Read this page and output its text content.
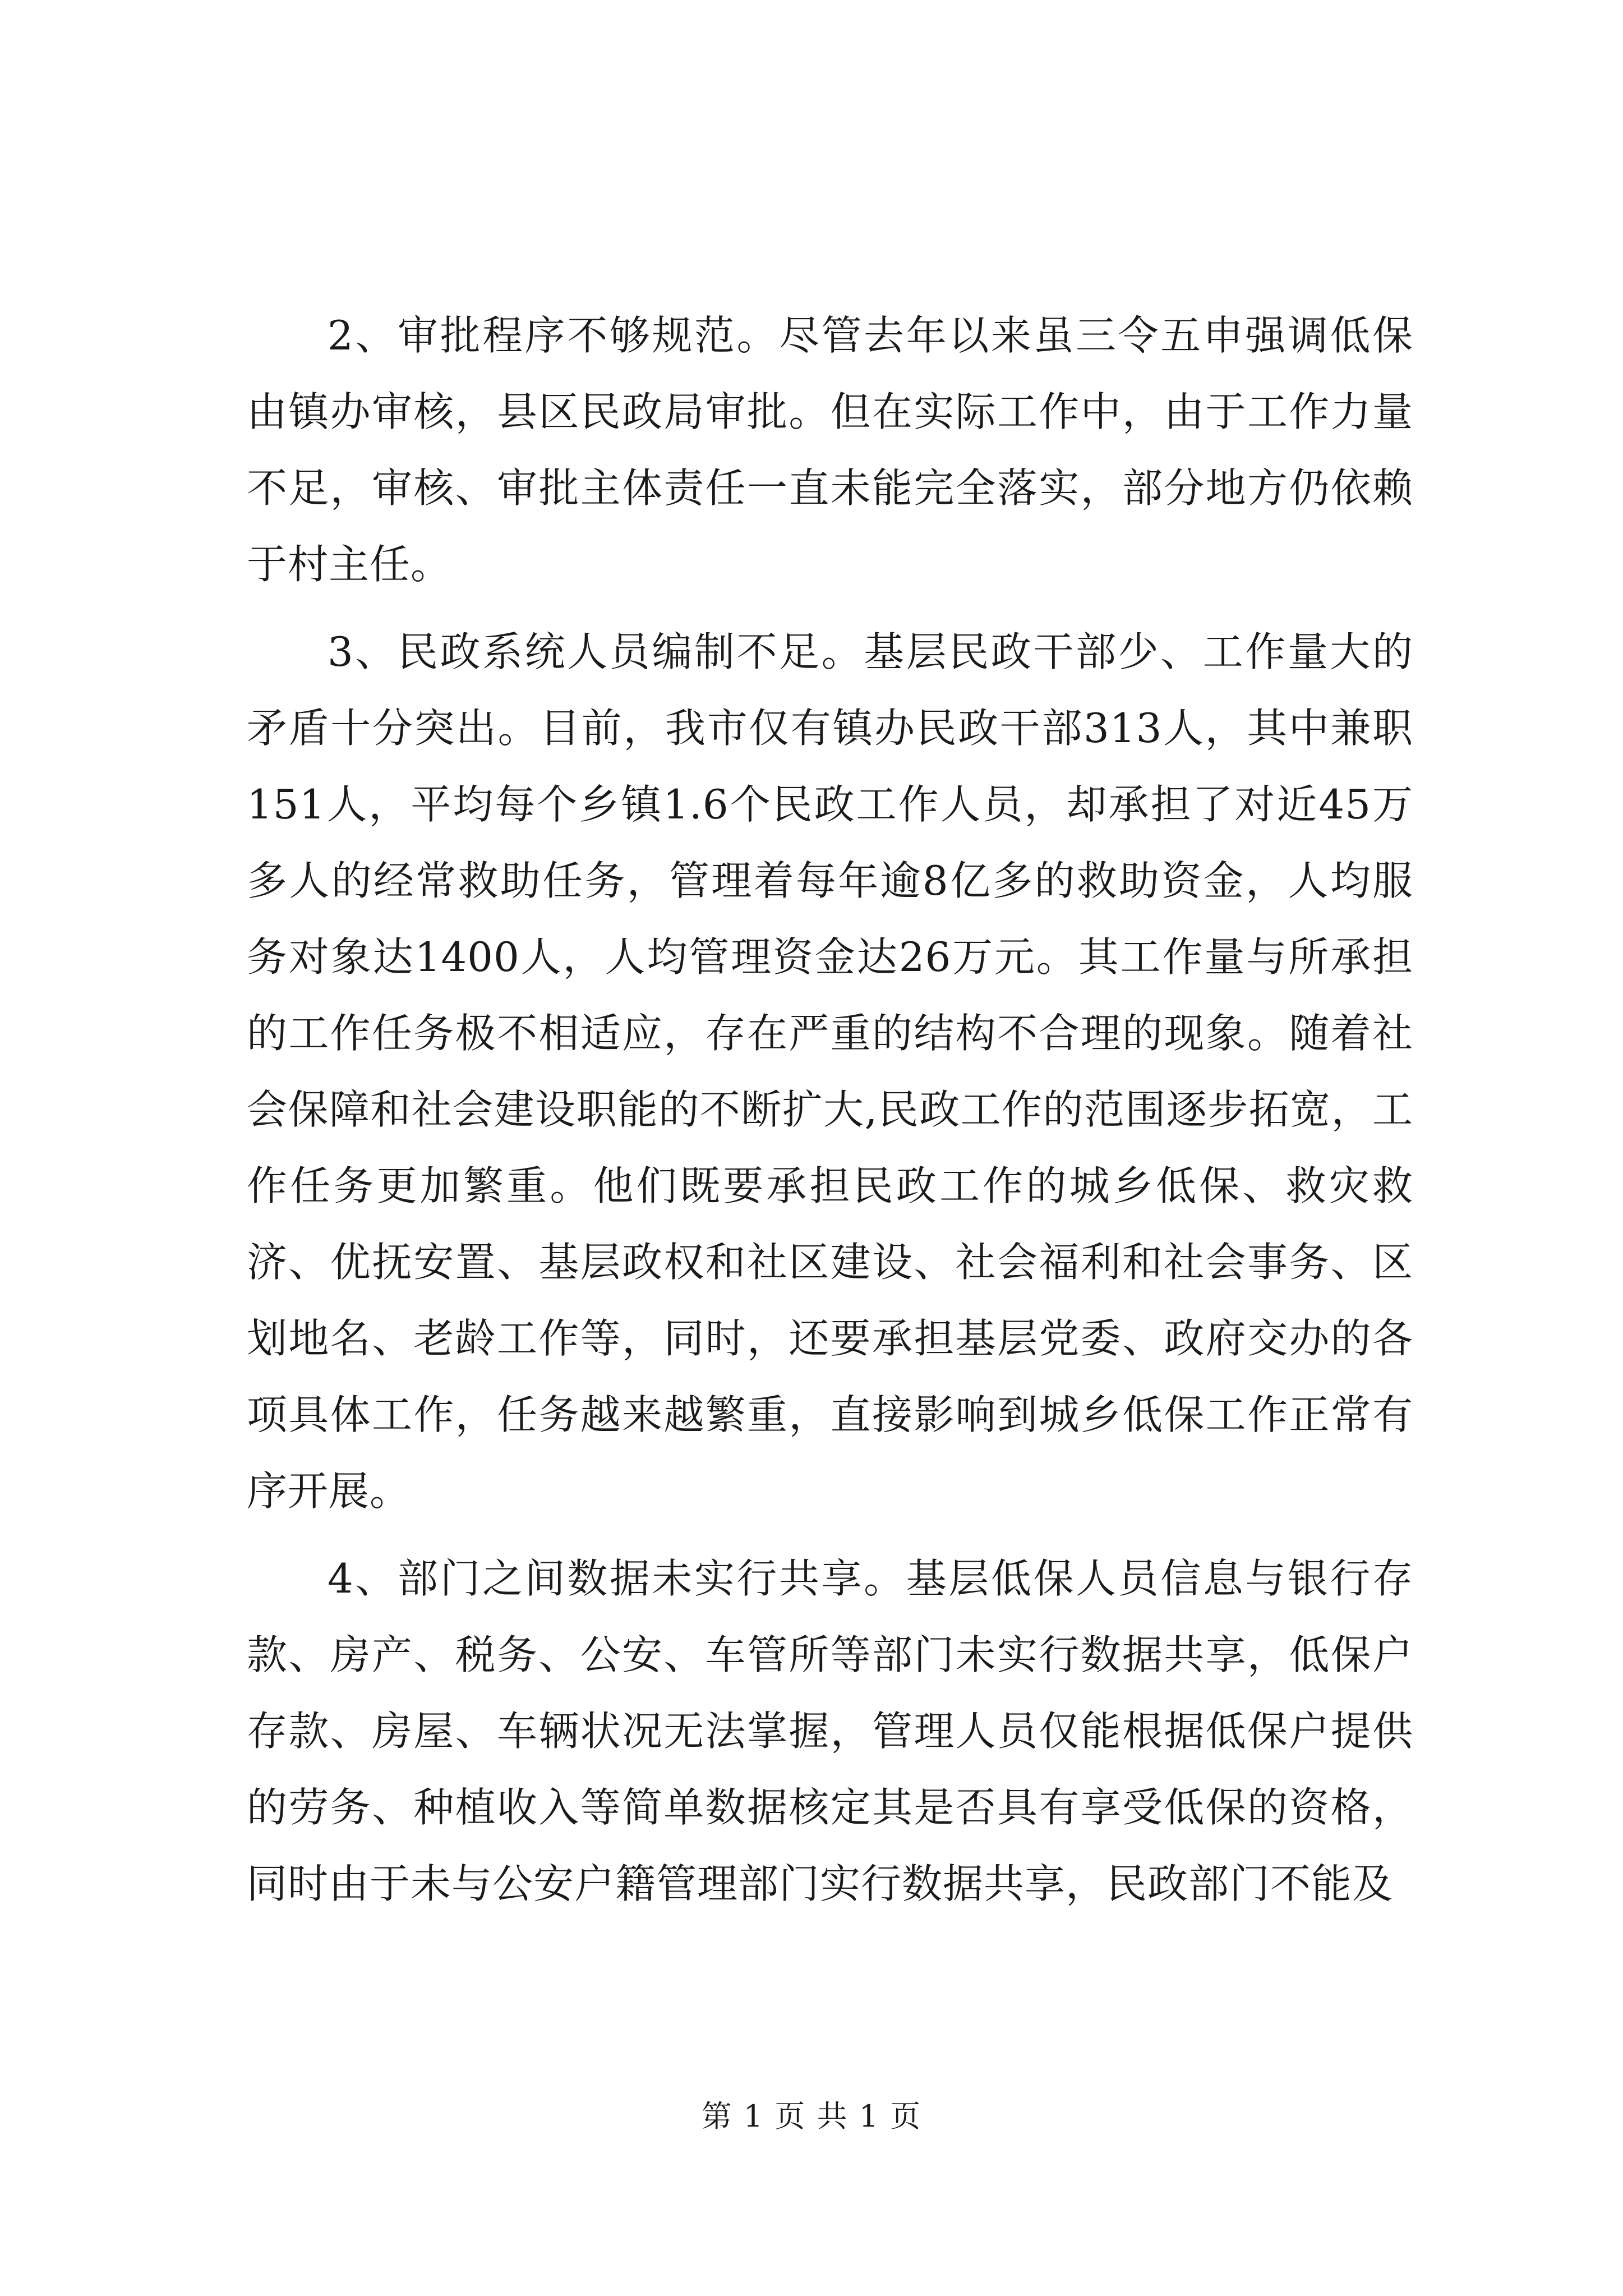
2、审批程序不够规范。尽管去年以来虽三令五申强调低保由镇办审核，县区民政局审批。但在实际工作中，由于工作力量不足，审核、审批主体责任一直未能完全落实，部分地方仍依赖于村主任。

3、民政系统人员编制不足。基层民政干部少、工作量大的矛盾十分突出。目前，我市仅有镇办民政干部313人，其中兼职151人，平均每个乡镇1.6个民政工作人员，却承担了对近45万多人的经常救助任务，管理着每年逾8亿多的救助资金，人均服务对象达1400人，人均管理资金达26万元。其工作量与所承担的工作任务极不相适应，存在严重的结构不合理的现象。随着社会保障和社会建设职能的不断扩大,民政工作的范围逐步拓宽，工作任务更加繁重。他们既要承担民政工作的城乡低保、救灾救济、优抚安置、基层政权和社区建设、社会福利和社会事务、区划地名、老龄工作等，同时，还要承担基层党委、政府交办的各项具体工作，任务越来越繁重，直接影响到城乡低保工作正常有序开展。

4、部门之间数据未实行共享。基层低保人员信息与银行存款、房产、税务、公安、车管所等部门未实行数据共享，低保户存款、房屋、车辆状况无法掌握，管理人员仅能根据低保户提供的劳务、种植收入等简单数据核定其是否具有享受低保的资格，同时由于未与公安户籍管理部门实行数据共享，民政部门不能及

第 1 页 共 1 页
